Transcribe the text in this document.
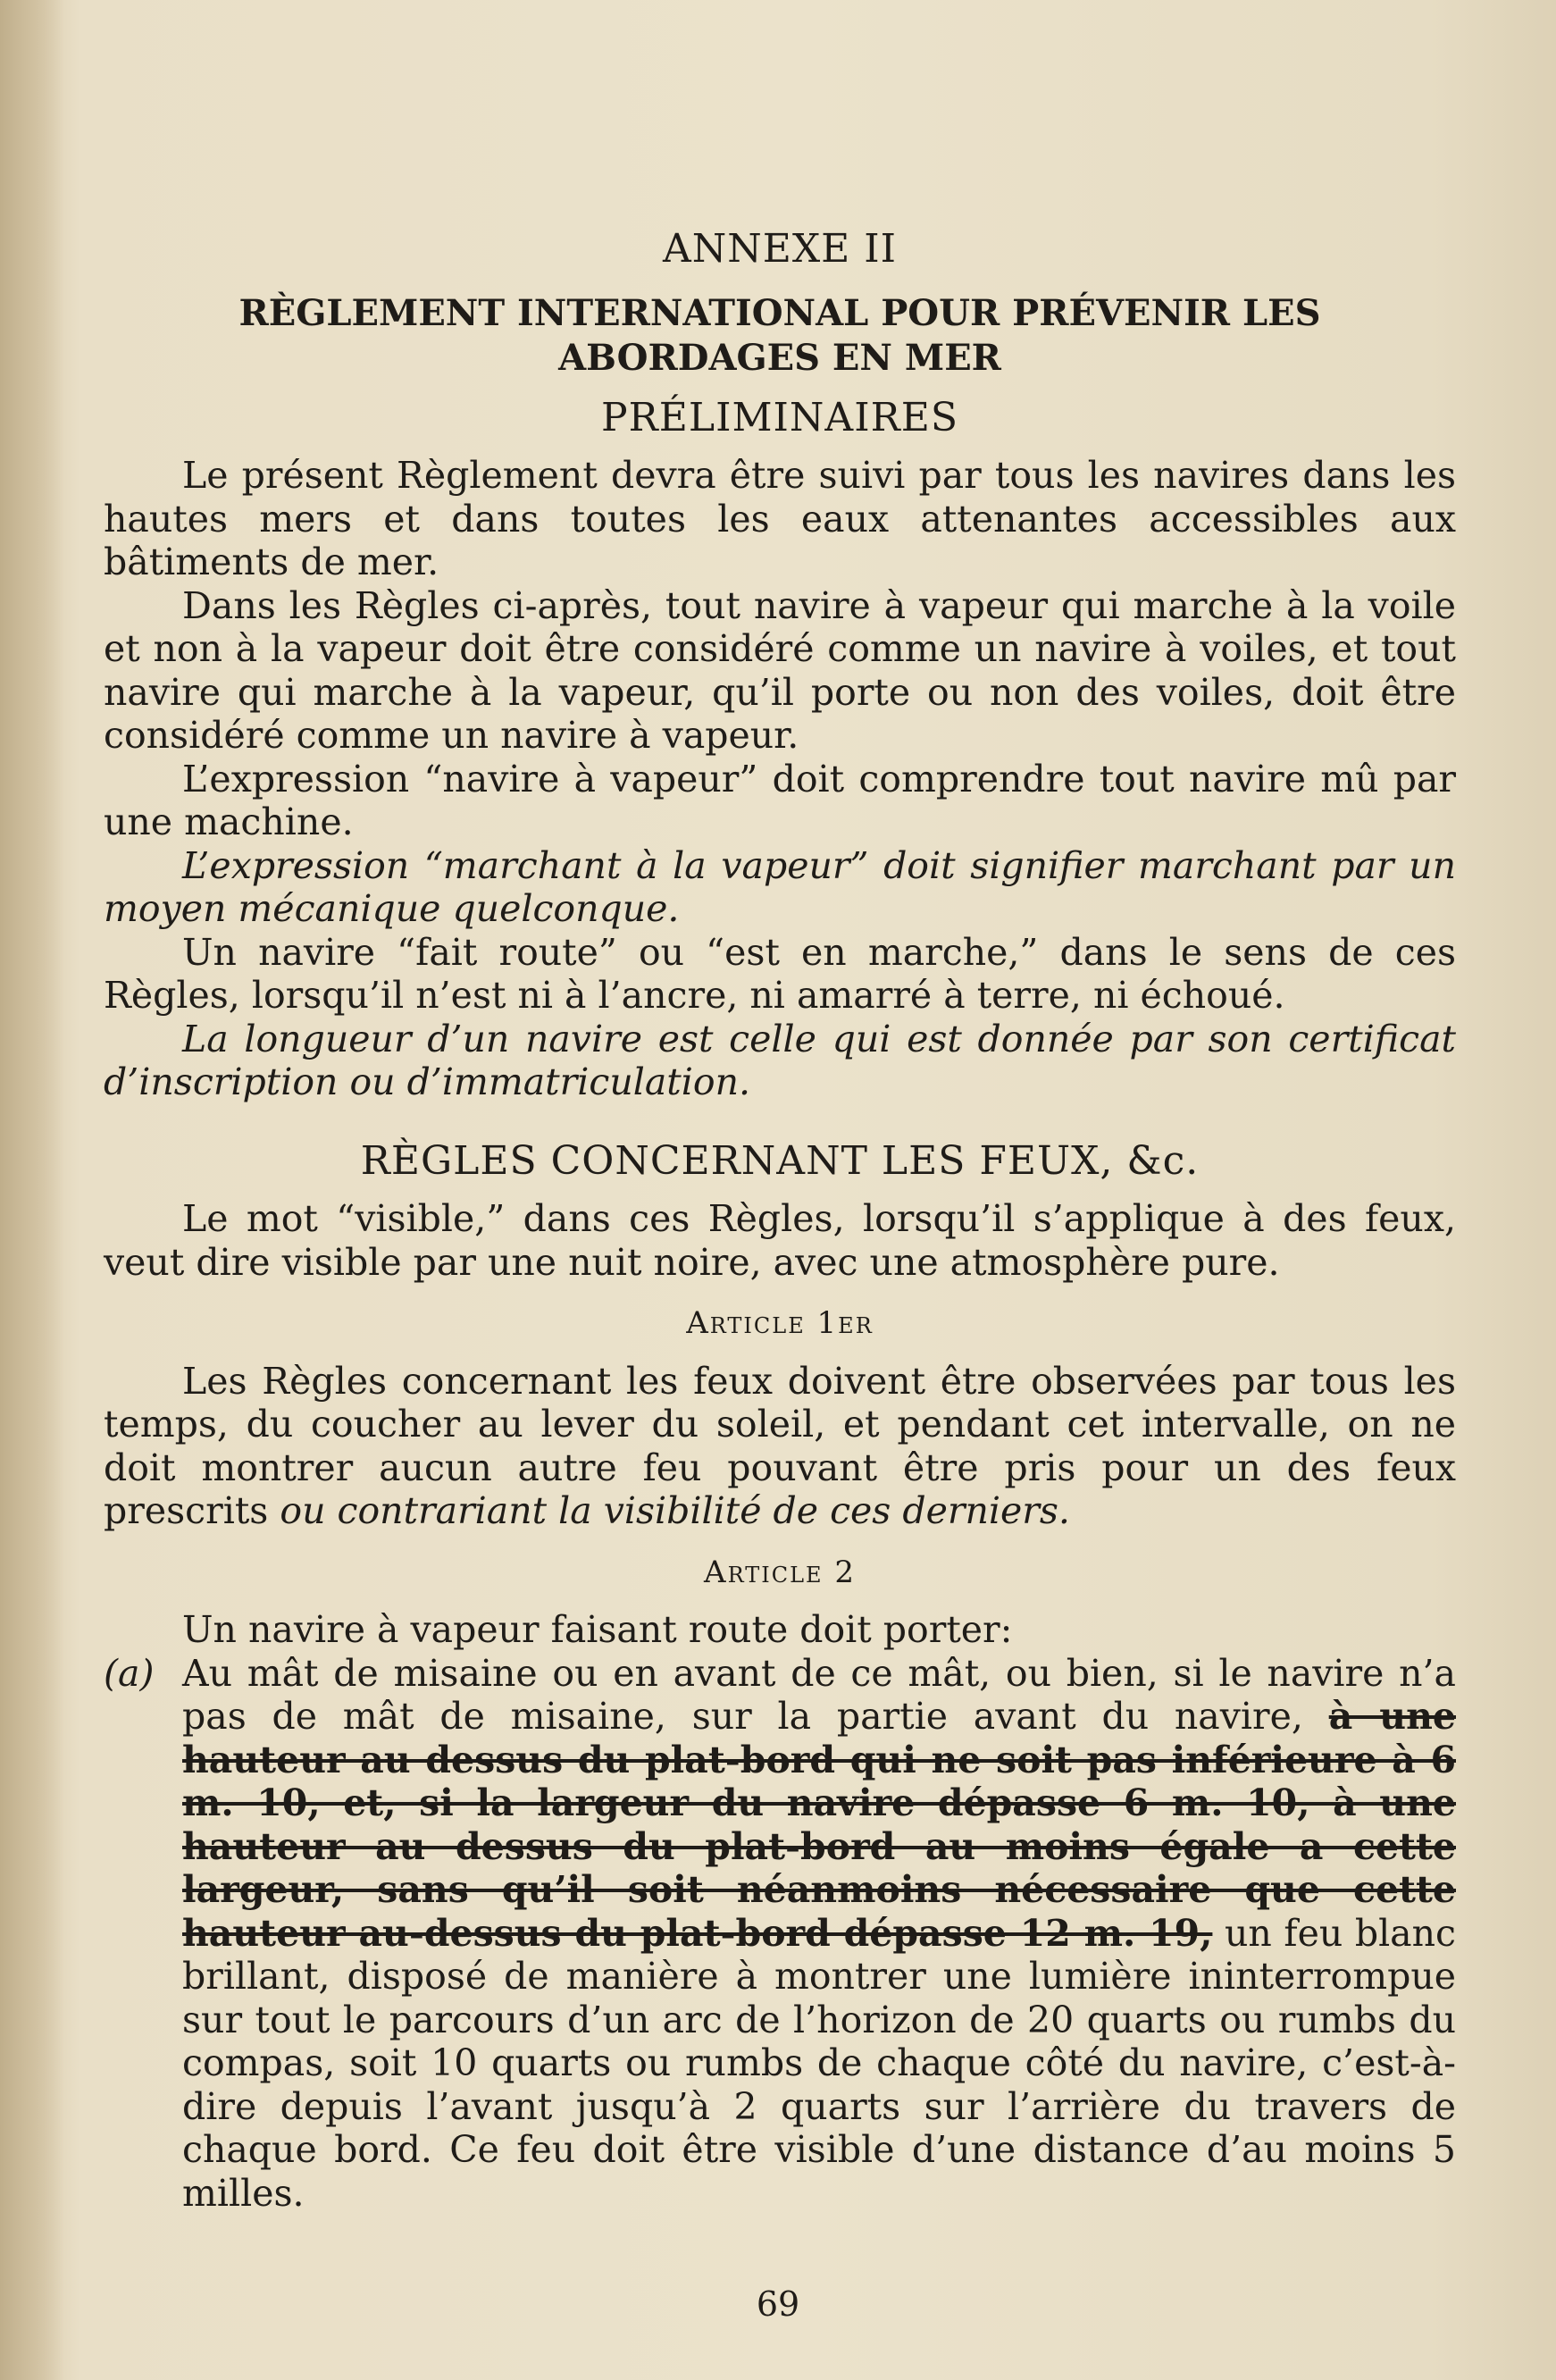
ANNEXE II
RÈGLEMENT INTERNATIONAL POUR PRÉVENIR LES ABORDAGES EN MER
PRÉLIMINAIRES

Le présent Règlement devra être suivi par tous les navires dans les hautes mers et dans toutes les eaux attenantes accessibles aux bâtiments de mer.

Dans les Règles ci-après, tout navire à vapeur qui marche à la voile et non à la vapeur doit être considéré comme un navire à voiles, et tout navire qui marche à la vapeur, qu’il porte ou non des voiles, doit être considéré comme un navire à vapeur.

L’expression “navire à vapeur” doit comprendre tout navire mû par une machine.

L’expression “marchant à la vapeur” doit signifier marchant par un moyen mécanique quelconque.

Un navire “fait route” ou “est en marche,” dans le sens de ces Règles, lorsqu’il n’est ni à l’ancre, ni amarré à terre, ni échoué.

La longueur d’un navire est celle qui est donnée par son certificat d’inscription ou d’immatriculation.

RÈGLES CONCERNANT LES FEUX, &c.

Le mot “visible,” dans ces Règles, lorsqu’il s’applique à des feux, veut dire visible par une nuit noire, avec une atmosphère pure.

Article 1er

Les Règles concernant les feux doivent être observées par tous les temps, du coucher au lever du soleil, et pendant cet intervalle, on ne doit montrer aucun autre feu pouvant être pris pour un des feux prescrits ou contrariant la visibilité de ces derniers.

Article 2

Un navire à vapeur faisant route doit porter:

(a) Au mât de misaine ou en avant de ce mât, ou bien, si le navire n’a pas de mât de misaine, sur la partie avant du navire, à une hauteur au dessus du plat-bord qui ne soit pas inférieure à 6 m. 10, et, si la largeur du navire dépasse 6 m. 10, à une hauteur au dessus du plat-bord au moins égale a cette largeur, sans qu’il soit néanmoins nécessaire que cette hauteur au-dessus du plat-bord dépasse 12 m. 19, un feu blanc brillant, disposé de manière à montrer une lumière ininterrompue sur tout le parcours d’un arc de l’horizon de 20 quarts ou rumbs du compas, soit 10 quarts ou rumbs de chaque côté du navire, c’est-à-dire depuis l’avant jusqu’à 2 quarts sur l’arrière du travers de chaque bord. Ce feu doit être visible d’une distance d’au moins 5 milles.
69
